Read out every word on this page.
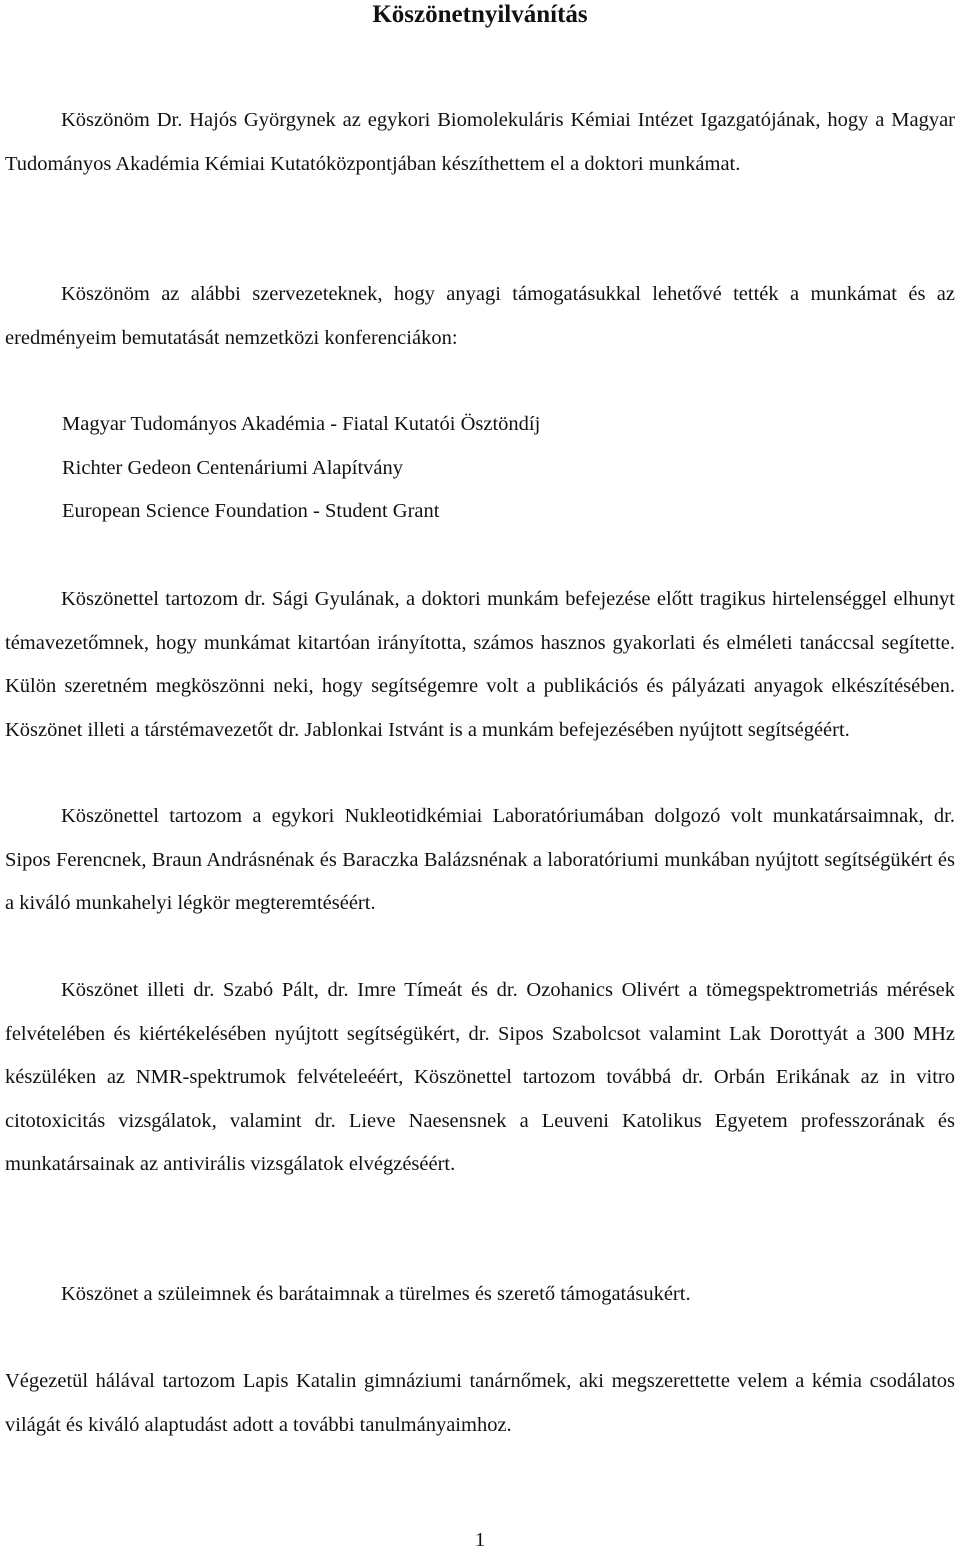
Köszönetnyilvánítás

Köszönöm Dr. Hajós Györgynek az egykori Biomolekuláris Kémiai Intézet Igazgatójának, hogy a Magyar Tudományos Akadémia Kémiai Kutatóközpontjában készíthettem el a doktori munkámat.

Köszönöm az alábbi szervezeteknek, hogy anyagi támogatásukkal lehetővé tették a munkámat és az eredményeim bemutatását nemzetközi konferenciákon:

Magyar Tudományos Akadémia - Fiatal Kutatói Ösztöndíj
Richter Gedeon Centenáriumi Alapítvány
European Science Foundation - Student Grant

Köszönettel tartozom dr. Sági Gyulának, a doktori munkám befejezése előtt tragikus hirtelenséggel elhunyt témavezetőmnek, hogy munkámat kitartóan irányította, számos hasznos gyakorlati és elméleti tanáccsal segítette. Külön szeretném megköszönni neki, hogy segítségemre volt a publikációs és pályázati anyagok elkészítésében. Köszönet illeti a társtémavezetőt dr. Jablonkai Istvánt is a munkám befejezésében nyújtott segítségéért.

Köszönettel tartozom a egykori Nukleotidkémiai Laboratóriumában dolgozó volt munkatársaimnak, dr. Sipos Ferencnek, Braun Andrásnénak és Baraczka Balázsnénak a laboratóriumi munkában nyújtott segítségükért és a kiváló munkahelyi légkör megteremtéséért.

Köszönet illeti dr. Szabó Pált, dr. Imre Tímeát és dr. Ozohanics Olivért a tömegspektrometriás mérések felvételében és kiértékelésében nyújtott segítségükért, dr. Sipos Szabolcsot valamint Lak Dorottyát a 300 MHz készüléken az NMR-spektrumok felvételeéért, Köszönettel tartozom továbbá dr. Orbán Erikának az in vitro citotoxicitás vizsgálatok, valamint dr. Lieve Naesensnek a Leuveni Katolikus Egyetem professzorának és munkatársainak az antivirális vizsgálatok elvégzéséért.

Köszönet a szüleimnek és barátaimnak a türelmes és szerető támogatásukért.

Végezetül hálával tartozom Lapis Katalin gimnáziumi tanárnőmek, aki megszerettette velem a kémia csodálatos világát és kiváló alaptudást adott a további tanulmányaimhoz.

1
